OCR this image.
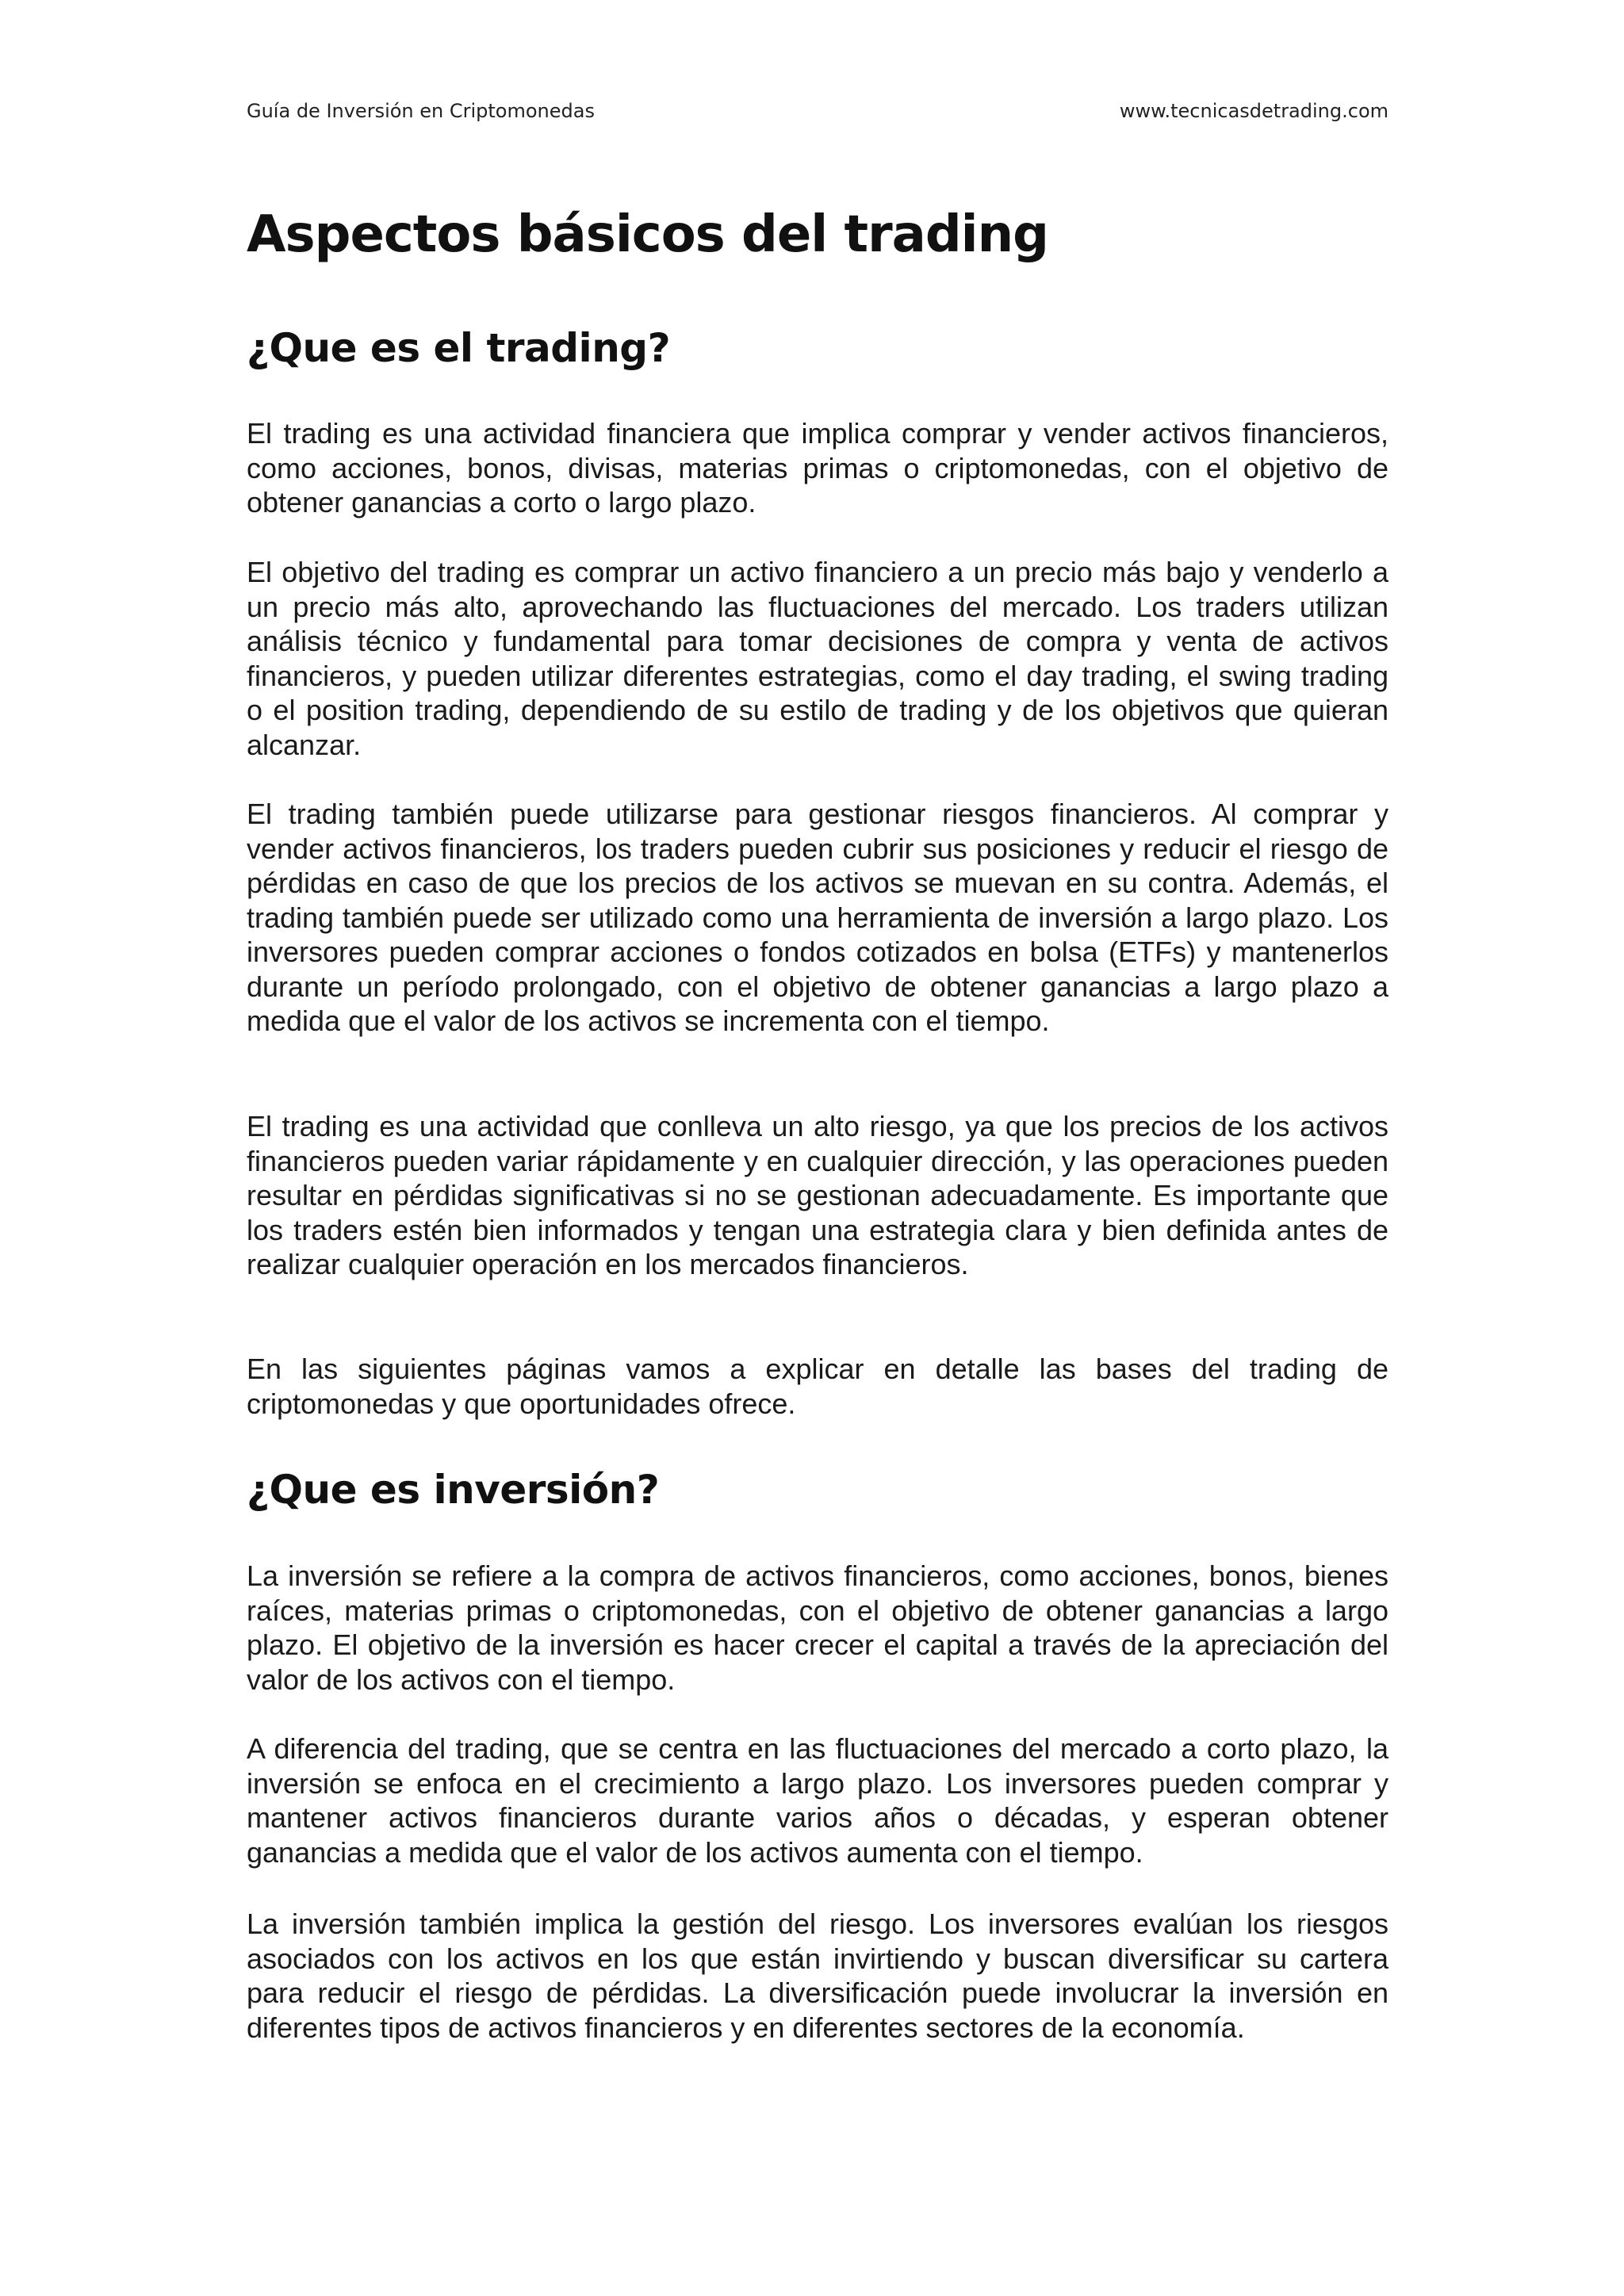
Guía de Inversión en Criptomonedas	www.tecnicasdetrading.com
Aspectos básicos del trading
¿Que es el trading?

El trading es una actividad financiera que implica comprar y vender activos financieros, como acciones, bonos, divisas, materias primas o criptomonedas, con el objetivo de obtener ganancias a corto o largo plazo.

El objetivo del trading es comprar un activo financiero a un precio más bajo y venderlo a un precio más alto, aprovechando las fluctuaciones del mercado. Los traders utilizan análisis técnico y fundamental para tomar decisiones de compra y venta de activos financieros, y pueden utilizar diferentes estrategias, como el day trading, el swing trading o el position trading, dependiendo de su estilo de trading y de los objetivos que quieran alcanzar.

El trading también puede utilizarse para gestionar riesgos financieros. Al comprar y vender activos financieros, los traders pueden cubrir sus posiciones y reducir el riesgo de pérdidas en caso de que los precios de los activos se muevan en su contra. Además, el trading también puede ser utilizado como una herramienta de inversión a largo plazo. Los inversores pueden comprar acciones o fondos cotizados en bolsa (ETFs) y mantenerlos durante un período prolongado, con el objetivo de obtener ganancias a largo plazo a medida que el valor de los activos se incrementa con el tiempo.

El trading es una actividad que conlleva un alto riesgo, ya que los precios de los activos financieros pueden variar rápidamente y en cualquier dirección, y las operaciones pueden resultar en pérdidas significativas si no se gestionan adecuadamente. Es importante que los traders estén bien informados y tengan una estrategia clara y bien definida antes de realizar cualquier operación en los mercados financieros.

En las siguientes páginas vamos a explicar en detalle las bases del trading de criptomonedas y que oportunidades ofrece.

¿Que es inversión?

La inversión se refiere a la compra de activos financieros, como acciones, bonos, bienes raíces, materias primas o criptomonedas, con el objetivo de obtener ganancias a largo plazo. El objetivo de la inversión es hacer crecer el capital a través de la apreciación del valor de los activos con el tiempo.

A diferencia del trading, que se centra en las fluctuaciones del mercado a corto plazo, la inversión se enfoca en el crecimiento a largo plazo. Los inversores pueden comprar y mantener activos financieros durante varios años o décadas, y esperan obtener ganancias a medida que el valor de los activos aumenta con el tiempo.

La inversión también implica la gestión del riesgo. Los inversores evalúan los riesgos asociados con los activos en los que están invirtiendo y buscan diversificar su cartera para reducir el riesgo de pérdidas. La diversificación puede involucrar la inversión en diferentes tipos de activos financieros y en diferentes sectores de la economía.
